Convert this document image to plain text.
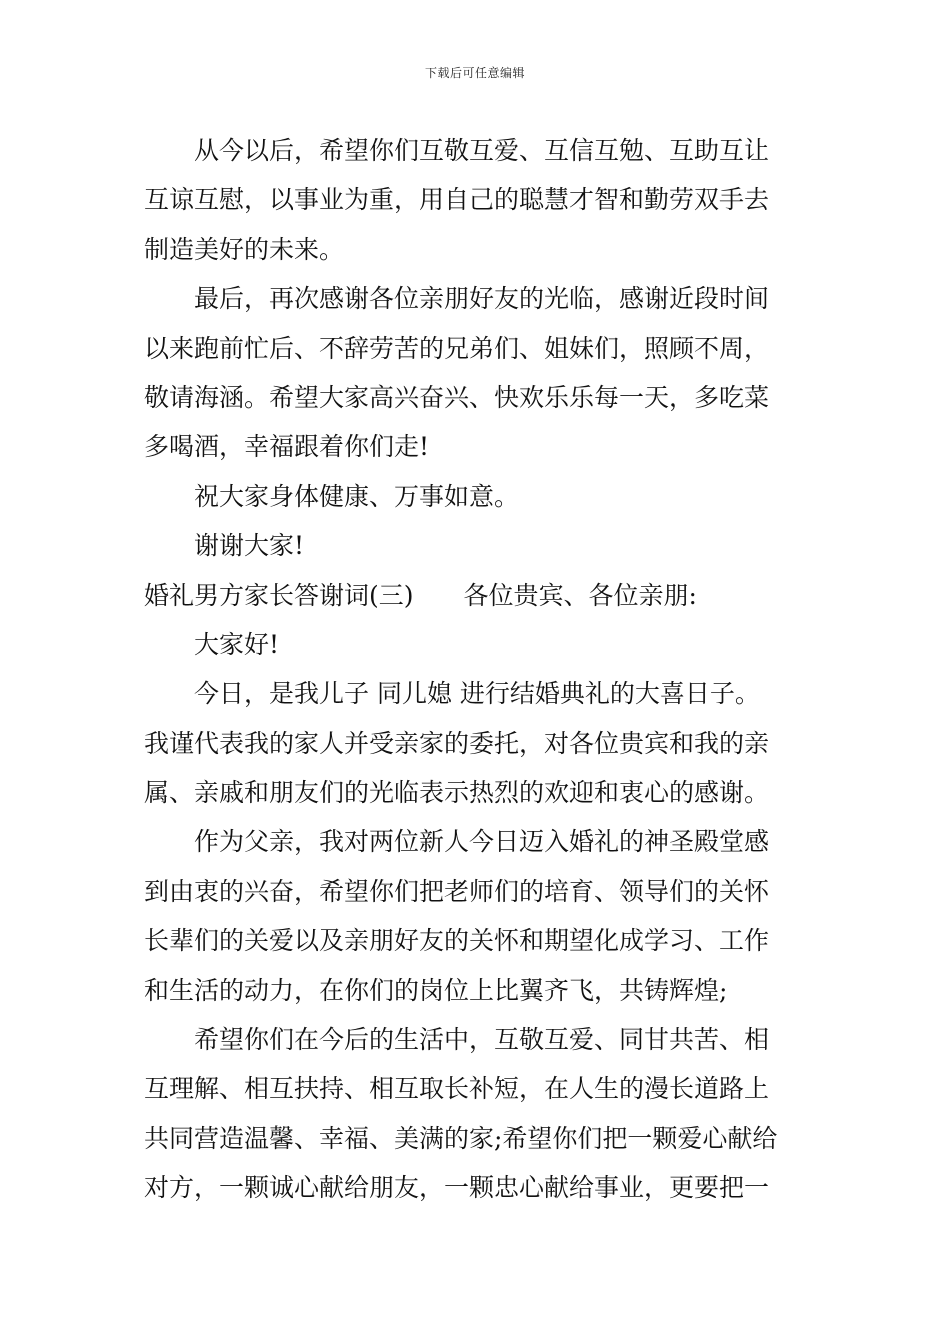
下载后可任意编辑
从今以后，希望你们互敬互爱、互信互勉、互助互让
互谅互慰，以事业为重，用自己的聪慧才智和勤劳双手去
制造美好的未来。
最后，再次感谢各位亲朋好友的光临，感谢近段时间
以来跑前忙后、不辞劳苦的兄弟们、姐妹们，照顾不周，
敬请海涵。希望大家高兴奋兴、快欢乐乐每一天，多吃菜
多喝酒，幸福跟着你们走!
祝大家身体健康、万事如意。
谢谢大家!
婚礼男方家长答谢词(三) 各位贵宾、各位亲朋:
大家好!
今日，是我儿子 同儿媳 进行结婚典礼的大喜日子。
我谨代表我的家人并受亲家的委托，对各位贵宾和我的亲
属、亲戚和朋友们的光临表示热烈的欢迎和衷心的感谢。
作为父亲，我对两位新人今日迈入婚礼的神圣殿堂感
到由衷的兴奋，希望你们把老师们的培育、领导们的关怀
长辈们的关爱以及亲朋好友的关怀和期望化成学习、工作
和生活的动力，在你们的岗位上比翼齐飞，共铸辉煌;
希望你们在今后的生活中，互敬互爱、同甘共苦、相
互理解、相互扶持、相互取长补短，在人生的漫长道路上
共同营造温馨、幸福、美满的家;希望你们把一颗爱心献给
对方，一颗诚心献给朋友，一颗忠心献给事业，更要把一
